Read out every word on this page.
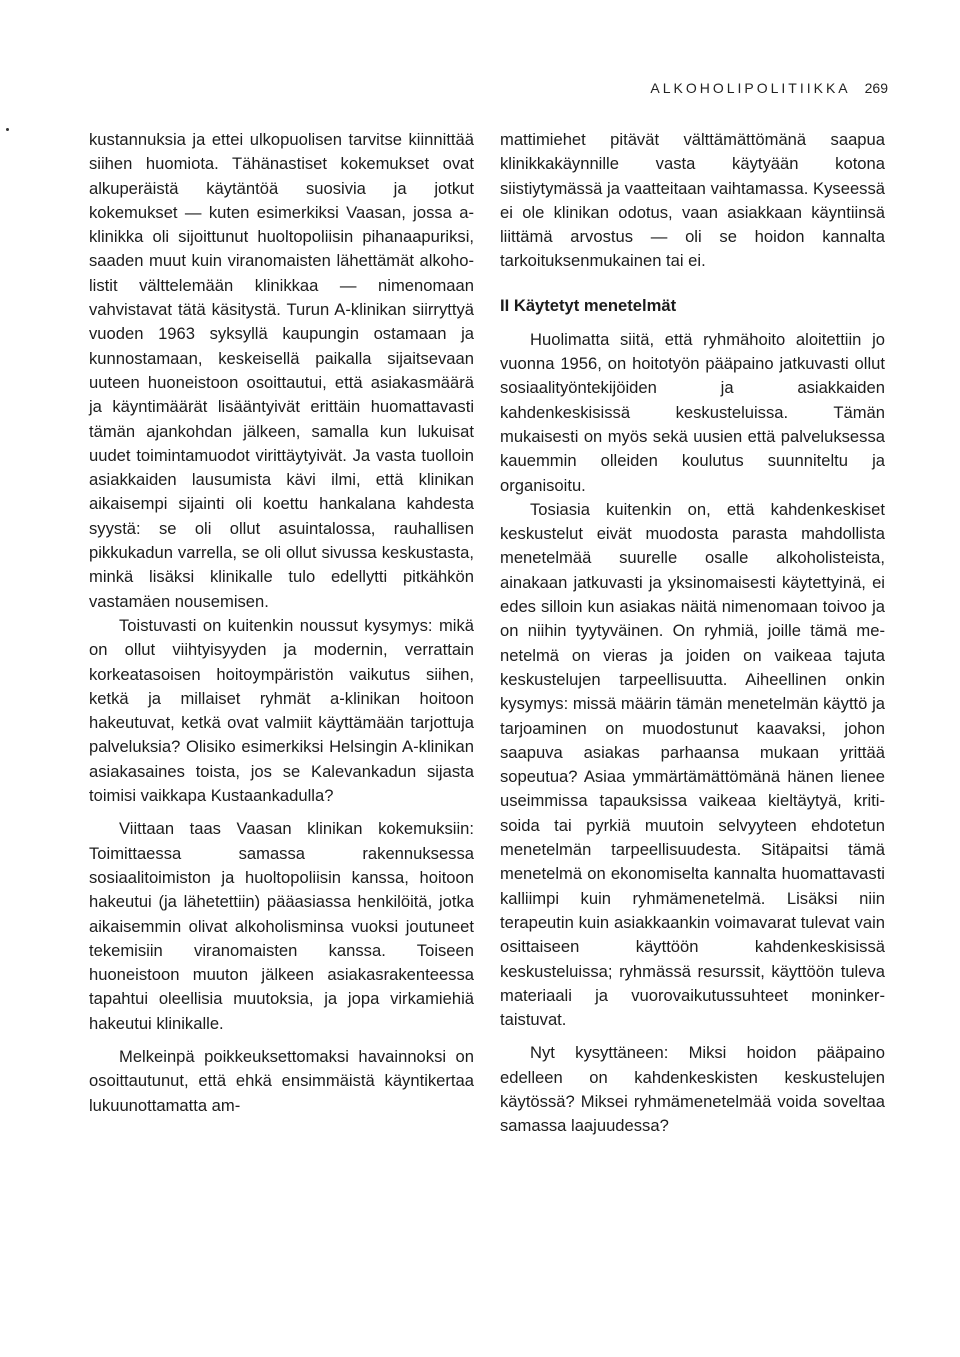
ALKOHOLIPOLITIIKKA 269

kustannuksia ja ettei ulkopuolisen tarvitse kiinnittää siihen huomiota. Tähänastiset kokemukset ovat alkuperäistä käytäntöä suosivia ja jotkut kokemukset — kuten esimerkiksi Vaasan, jossa a-klinikka oli sijoittunut huoltopoliisin pihanaapuriksi, saaden muut kuin viranomaisten lähettämät alkoholistit välttelemään klinikkaa — nimenomaan vahvistavat tätä käsitystä. Turun A-klinikan siirryttyä vuoden 1963 syksyllä kaupungin ostamaan ja kunnostamaan, keskeisellä paikalla sijaitsevaan uuteen huoneistoon osoittautui, että asiakasmäärä ja käyntimäärät lisääntyivät erittäin huomattavasti tämän ajankohdan jälkeen, samalla kun lukuisat uudet toimintamuodot virittäytyivät. Ja vasta tuolloin asiakkaiden lausumista kävi ilmi, että klinikan aikaisempi sijainti oli koettu hankalana kahdesta syystä: se oli ollut asuintalossa, rauhallisen pikkukadun varrella, se oli ollut sivussa keskustasta, minkä lisäksi klinikalle tulo edellytti pitkähkön vastamäen nousemisen.

Toistuvasti on kuitenkin noussut kysymys: mikä on ollut viihtyisyyden ja modernin, verrattain korkeatasoisen hoitoympäristön vaikutus siihen, ketkä ja millaiset ryhmät a-klinikan hoitoon hakeutuvat, ketkä ovat valmiit käyttämään tarjottuja palveluksia? Olisiko esimerkiksi Helsingin A-klinikan asiakasaines toista, jos se Kalevankadun sijasta toimisi vaikkapa Kustaankadulla?

Viittaan taas Vaasan klinikan kokemuksiin: Toimittaessa samassa rakennuksessa sosiaalitoimiston ja huoltopoliisin kanssa, hoitoon hakeutui (ja lähetettiin) pääasiassa henkilöitä, jotka aikaisemmin olivat alkoholisminsa vuoksi joutuneet tekemisiin viranomaisten kanssa. Toiseen huoneistoon muuton jälkeen asiakasrakenteessa tapahtui oleellisia muutoksia, ja jopa virkamiehiä hakeutui klinikalle.

Melkeinpä poikkeuksettomaksi havainnoksi on osoittautunut, että ehkä ensimmäistä käyntikertaa lukuunottamatta am-

mattimiehet pitävät välttämättömänä saapua klinikkakäynnille vasta käytyään kotona siistiytymässä ja vaatteitaan vaihtamassa. Kyseessä ei ole klinikan odotus, vaan asiakkaan käyntiinsä liittämä arvostus — oli se hoidon kannalta tarkoituksenmukainen tai ei.

II Käytetyt menetelmät

Huolimatta siitä, että ryhmähoito aloitettiin jo vuonna 1956, on hoitotyön pääpaino jatkuvasti ollut sosiaalityöntekijöiden ja asiakkaiden kahdenkeskisissä keskusteluissa. Tämän mukaisesti on myös sekä uusien että palveluksessa kauemmin olleiden koulutus suunniteltu ja organisoitu.

Tosiasia kuitenkin on, että kahdenkeskiset keskustelut eivät muodosta parasta mahdollista menetelmää suurelle osalle alkoholisteista, ainakaan jatkuvasti ja yksinomaisesti käytettyinä, ei edes silloin kun asiakas näitä nimenomaan toivoo ja on niihin tyytyväinen. On ryhmiä, joille tämä menetelmä on vieras ja joiden on vaikeaa tajuta keskustelujen tarpeellisuutta. Aiheellinen onkin kysymys: missä määrin tämän menetelmän käyttö ja tarjoaminen on muodostunut kaavaksi, johon saapuva asiakas parhaansa mukaan yrittää sopeutua? Asiaa ymmärtämättömänä hänen lienee useimmissa tapauksissa vaikeaa kieltäytyä, kritisoida tai pyrkiä muutoin selvyyteen ehdotetun menetelmän tarpeellisuudesta. Sitäpaitsi tämä menetelmä on ekonomiselta kannalta huomattavasti kalliimpi kuin ryhmämenetelmä. Lisäksi niin terapeutin kuin asiakkaankin voimavarat tulevat vain osittaiseen käyttöön kahdenkeskisissä keskusteluissa; ryhmässä resurssit, käyttöön tuleva materiaali ja vuorovaikutussuhteet moninkertaistuvat.

Nyt kysyttäneen: Miksi hoidon pääpaino edelleen on kahdenkeskisten keskustelujen käytössä? Miksei ryhmämenetelmää voida soveltaa samassa laajuudessa?
